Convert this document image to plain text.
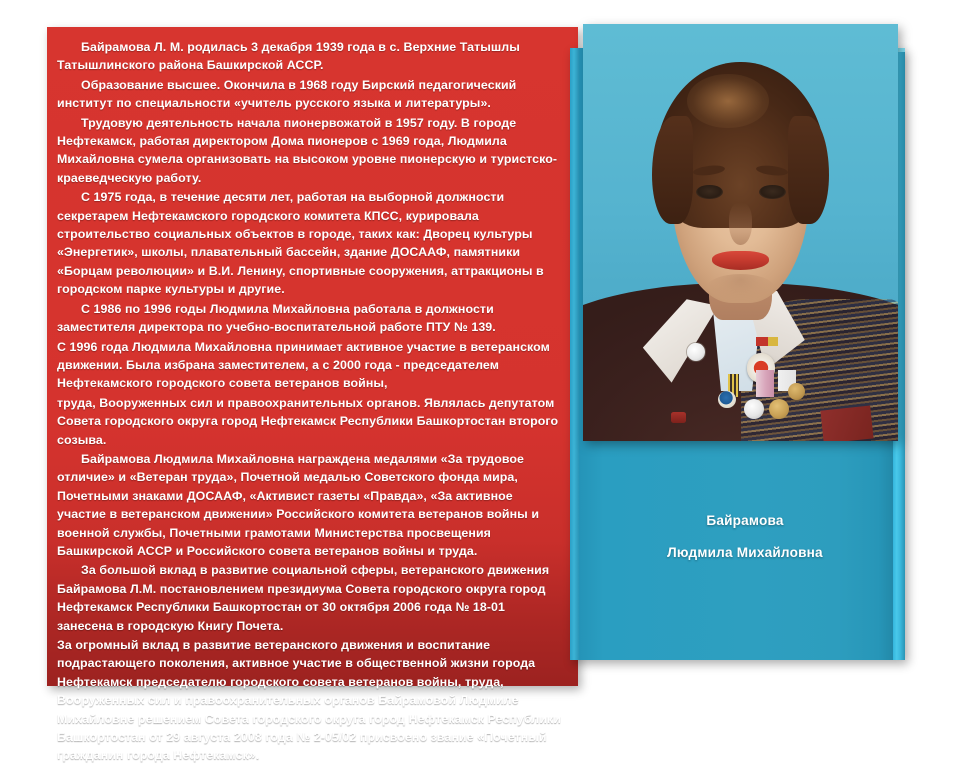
Байрамова Л. М. родилась 3 декабря 1939 года в с. Верхние Татышлы Татышлинского района Башкирской АССР.

Образование высшее. Окончила в 1968 году Бирский педагогический институт по специальности «учитель русского языка и литературы».

Трудовую деятельность начала пионервожатой в 1957 году. В городе Нефтекамск, работая директором Дома пионеров с 1969 года, Людмила Михайловна сумела организовать на высоком уровне пионерскую и туристско-краеведческую работу.

С 1975 года, в течение десяти лет, работая на выборной должности секретарем Нефтекамского городского комитета КПСС, курировала строительство социальных объектов в городе, таких как: Дворец культуры «Энергетик», школы, плавательный бассейн, здание ДОСААФ, памятники «Борцам революции» и В.И. Ленину, спортивные сооружения, аттракционы в городском парке культуры и другие.

С 1986 по 1996 годы Людмила Михайловна работала в должности заместителя директора по учебно-воспитательной работе ПТУ № 139.

С 1996 года Людмила Михайловна принимает активное участие в ветеранском движении. Была избрана заместителем, а с 2000 года - председателем Нефтекамского городского совета ветеранов войны,

труда, Вооруженных сил и правоохранительных органов. Являлась депутатом Совета городского округа город Нефтекамск Республики Башкортостан второго созыва.

Байрамова Людмила Михайловна награждена медалями «За трудовое отличие» и «Ветеран труда», Почетной медалью Советского фонда мира, Почетными знаками ДОСААФ, «Активист газеты «Правда», «За активное участие в ветеранском движении» Российского комитета ветеранов войны и военной службы, Почетными грамотами Министерства просвещения Башкирской АССР и Российского совета ветеранов войны и труда.

За большой вклад в развитие социальной сферы, ветеранского движения Байрамова Л.М. постановлением президиума Совета городского округа город Нефтекамск Республики Башкортостан от 30 октября 2006 года № 18-01 занесена в городскую Книгу Почета.

За огромный вклад в развитие ветеранского движения и воспитание подрастающего поколения, активное участие в общественной жизни города Нефтекамск председателю городского совета ветеранов войны, труда, Вооруженных сил и правоохранительных органов Байрамовой Людмиле Михайловне решением Совета городского округа город Нефтекамск Республики Башкортостан от 29 августа 2008 года № 2-05/02 присвоено звание «Почетный гражданин города Нефтекамск».

Байрамова
Людмила Михайловна
